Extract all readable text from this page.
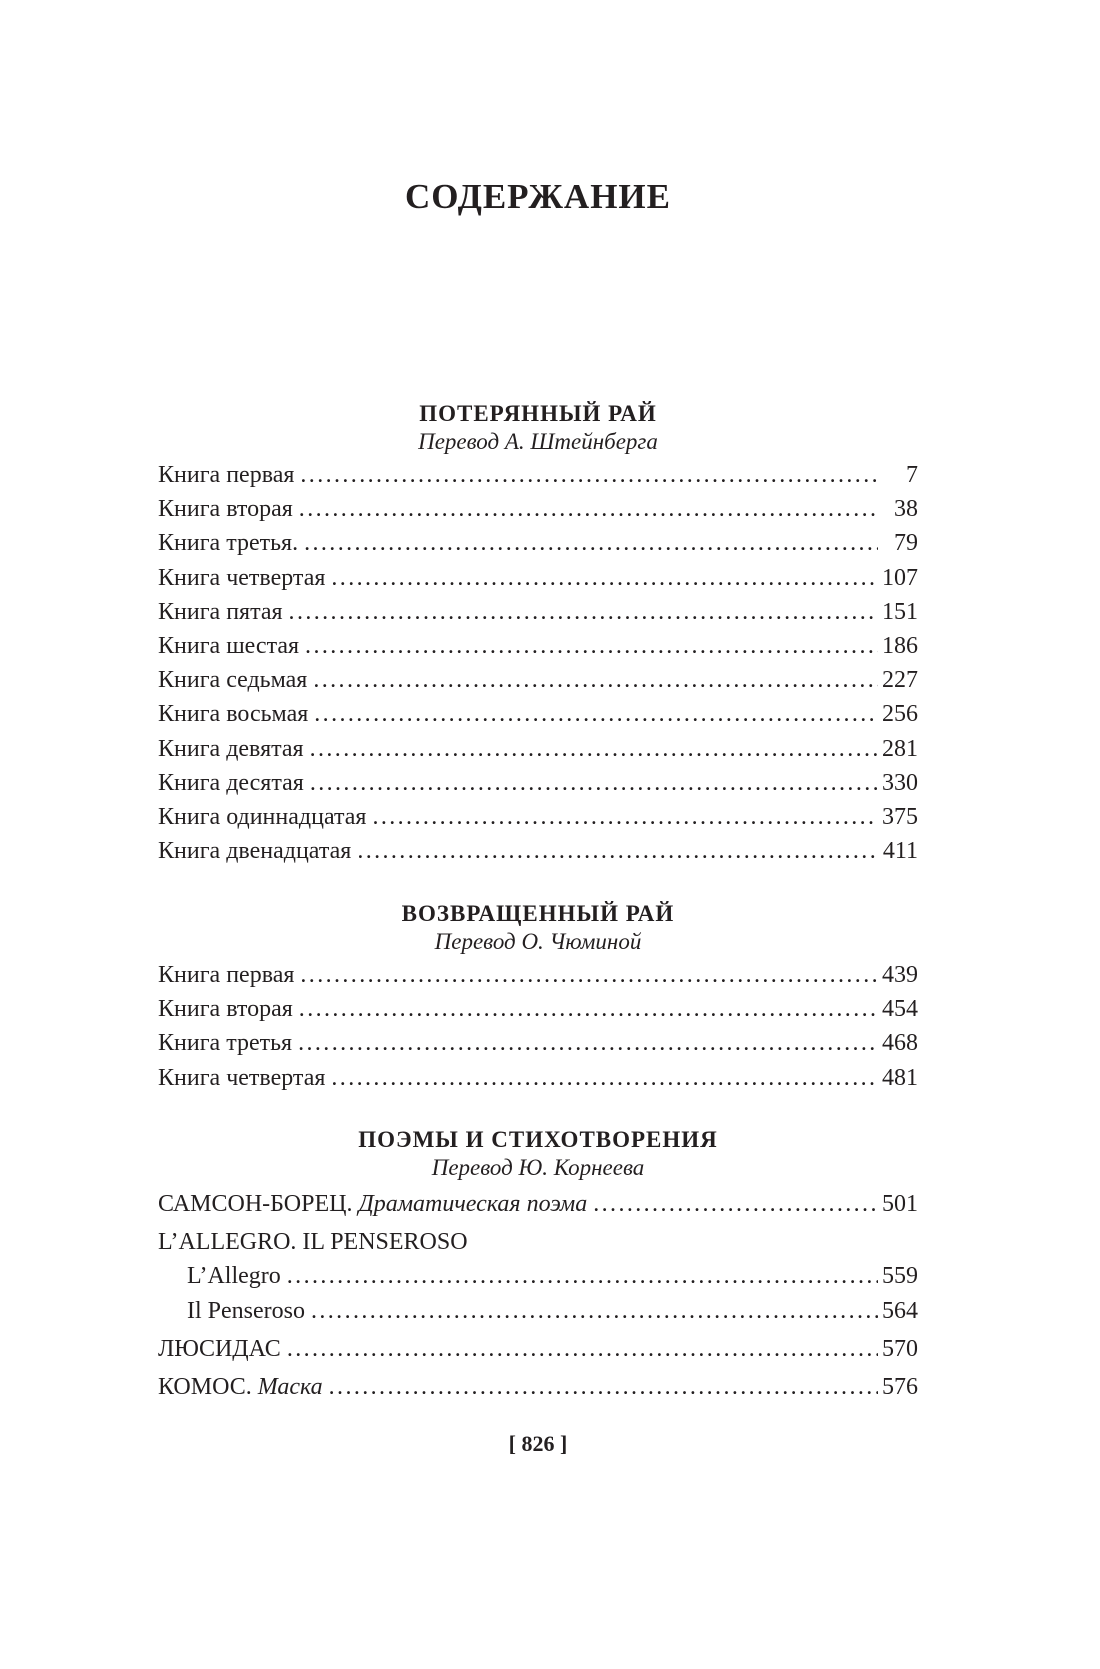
СОДЕРЖАНИЕ
ПОТЕРЯННЫЙ РАЙ

Перевод А. Штейнберга

Книга первая .....	7
Книга вторая .....	38
Книга третья. .....	79
Книга четвертая .....	107
Книга пятая .....	151
Книга шестая .....	186
Книга седьмая .....	227
Книга восьмая .....	256
Книга девятая .....	281
Книга десятая .....	330
Книга одиннадцатая .....	375
Книга двенадцатая .....	411
ВОЗВРАЩЕННЫЙ РАЙ

Перевод О. Чюминой

Книга первая .....	439
Книга вторая .....	454
Книга третья .....	468
Книга четвертая .....	481
ПОЭМЫ И СТИХОТВОРЕНИЯ

Перевод Ю. Корнеева

САМСОН-БОРЕЦ. Драматическая поэма .....	501
L’ALLEGRO. IL PENSEROSO
L’Allegro .....	559
Il Penseroso .....	564
ЛЮСИДАС .....	570
КОМОС. Маска .....	576
[ 826 ]
